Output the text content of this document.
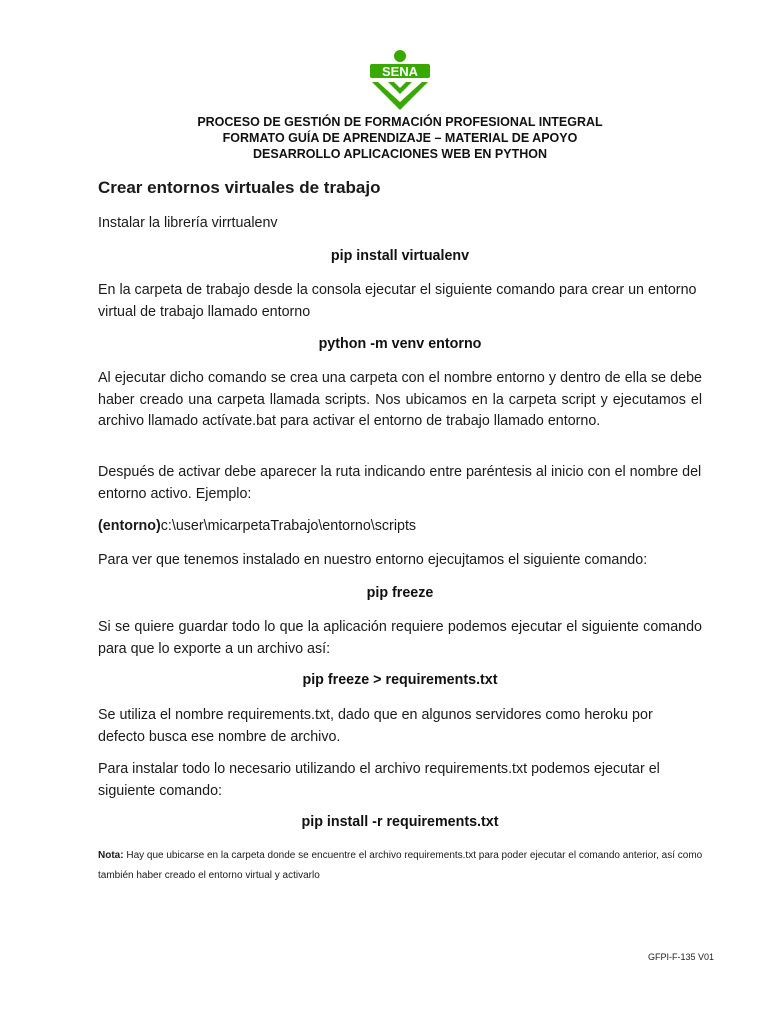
SENA
PROCESO DE GESTIÓN DE FORMACIÓN PROFESIONAL INTEGRAL
FORMATO GUÍA DE APRENDIZAJE – MATERIAL DE APOYO
DESARROLLO APLICACIONES WEB EN PYTHON
Crear entornos virtuales de trabajo
Instalar la librería virrtualenv
pip install virtualenv
En la carpeta de trabajo desde la consola ejecutar el siguiente comando para crear un entorno virtual de trabajo llamado entorno
python -m venv entorno
Al ejecutar dicho comando se crea una carpeta con el nombre entorno y dentro de ella se debe haber creado una carpeta llamada scripts. Nos ubicamos en la carpeta script y ejecutamos el archivo llamado actívate.bat para activar el entorno de trabajo llamado entorno.
Después de activar debe aparecer la ruta indicando entre paréntesis al inicio con el nombre del entorno activo. Ejemplo:
(entorno)c:\user\micarpetaTrabajo\entorno\scripts
Para ver que tenemos instalado en nuestro entorno ejecujtamos el siguiente comando:
pip freeze
Si se quiere guardar todo lo que la aplicación requiere podemos ejecutar el siguiente comando para que lo exporte a un archivo así:
pip freeze > requirements.txt
Se utiliza el nombre requirements.txt, dado que en algunos servidores como heroku por defecto busca ese nombre de archivo.
Para instalar todo lo necesario utilizando el archivo requirements.txt podemos ejecutar el siguiente comando:
pip install -r requirements.txt
Nota: Hay que ubicarse en la carpeta donde se encuentre el archivo requirements.txt para poder ejecutar el comando anterior, así como también haber creado el entorno virtual y activarlo
GFPI-F-135 V01
